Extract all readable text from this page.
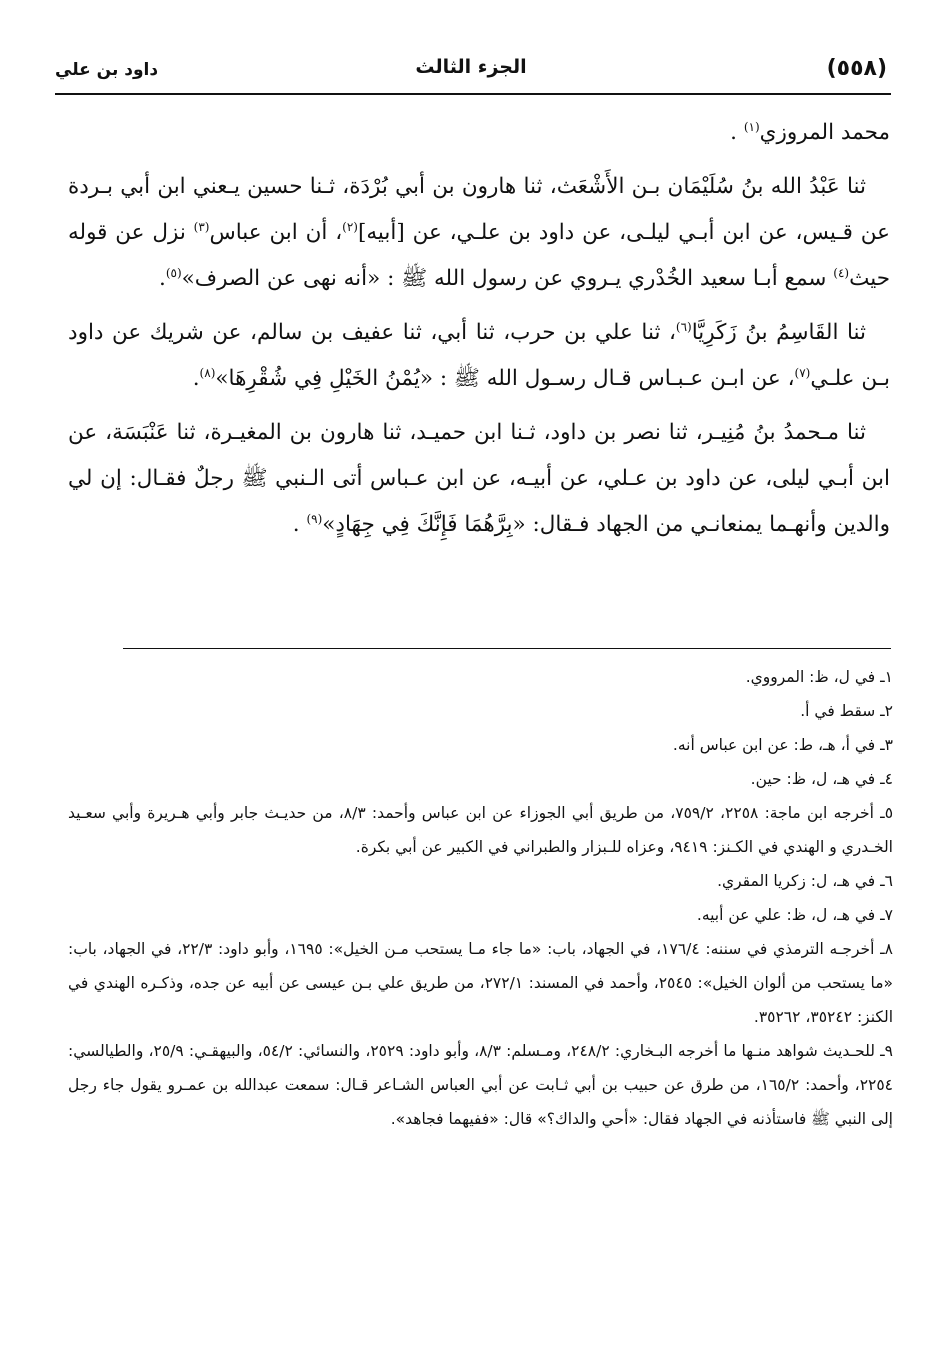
(٥٥٨)
الجزء الثالث
داود بن علي

محمد المروزي$^{(١)}$ .

ثنا عَبْدُ الله بنُ سُلَيْمَان بـن الأَشْعَث، ثنا هارون بن أبي بُرْدَة، ثـنا حسين يـعني ابن أبي بـردة عن قـيس، عن ابن أبـي ليلـى، عن داود بن علـي، عن [أبيه]$^{(٢)}$، أن ابن عباس$^{(٣)}$ نزل عن قوله حيث$^{(٤)}$ سمع أبـا سعيد الخُدْري يـروي عن رسول الله ﷺ : «أنه نهى عن الصرف»$^{(٥)}$.

ثنا القَاسِمُ بنُ زَكَرِيَّا$^{(٦)}$، ثنا علي بن حرب، ثنا أبي، ثنا عفيف بن سالم، عن شريك عن داود بـن علـي$^{(٧)}$، عن ابـن عـبـاس قـال رسـول الله ﷺ : «يُمْنُ الخَيْلِ فِي شُقْرِهَا»$^{(٨)}$.

ثنا مـحمدُ بنُ مُنِيـر، ثنا نصر بن داود، ثـنا ابن حميـد، ثنا هارون بن المغيـرة، ثنا عَنْبَسَة، عن ابن أبـي ليلى، عن داود بن عـلي، عن أبيـه، عن ابن عـباس أتى الـنبي ﷺ رجلٌ فقـال: إن لي والدين وأنهـما يمنعانـي من الجهاد فـقال: «بِرَّهُمَا فَإِنَّكَ فِي جِهَادٍ»$^{(٩)}$ .

١ـ في ل، ظ: المرووي.

٢ـ سقط في أ.

٣ـ في أ، هـ، ط: عن ابن عباس أنه.

٤ـ في هـ، ل، ظ: حين.

٥ـ أخرجه ابن ماجة: ٢٢٥٨، ٧٥٩/٢، من طريق أبي الجوزاء عن ابن عباس وأحمد: ٨/٣، من حديـث جابر وأبي هـريرة وأبي سعـيد الخـدري و الهندي في الكـنز: ٩٤١٩، وعزاه للـبزار والطبراني في الكبير عن أبي بكرة.

٦ـ في هـ، ل: زكريا المقري.

٧ـ في هـ، ل، ظ: علي عن أبيه.

٨ـ أخرجـه الترمذي في سننه: ١٧٦/٤، في الجهاد، باب: «ما جاء مـا يستحب مـن الخيل»: ١٦٩٥، وأبو داود: ٢٢/٣، في الجهاد، باب: «ما يستحب من ألوان الخيل»: ٢٥٤٥، وأحمد في المسند: ٢٧٢/١، من طريق علي بـن عيسى عن أبيه عن جده، وذكـره الهندي في الكنز: ٣٥٢٤٢، ٣٥٢٦٢.

٩ـ للحـديث شواهد منـها ما أخرجه البـخاري: ٢٤٨/٢، ومـسلم: ٨/٣، وأبو داود: ٢٥٢٩، والنسائي: ٥٤/٢، والبيهقـي: ٢٥/٩، والطيالسي: ٢٢٥٤، وأحمد: ١٦٥/٢، من طرق عن حبيب بن أبي ثـابت عن أبي العباس الشـاعر قـال: سمعت عبدالله بن عمـرو يقول جاء رجل إلى النبي ﷺ فاستأذنه في الجهاد فقال: «أحي والداك؟» قال: «ففيهما فجاهد».
